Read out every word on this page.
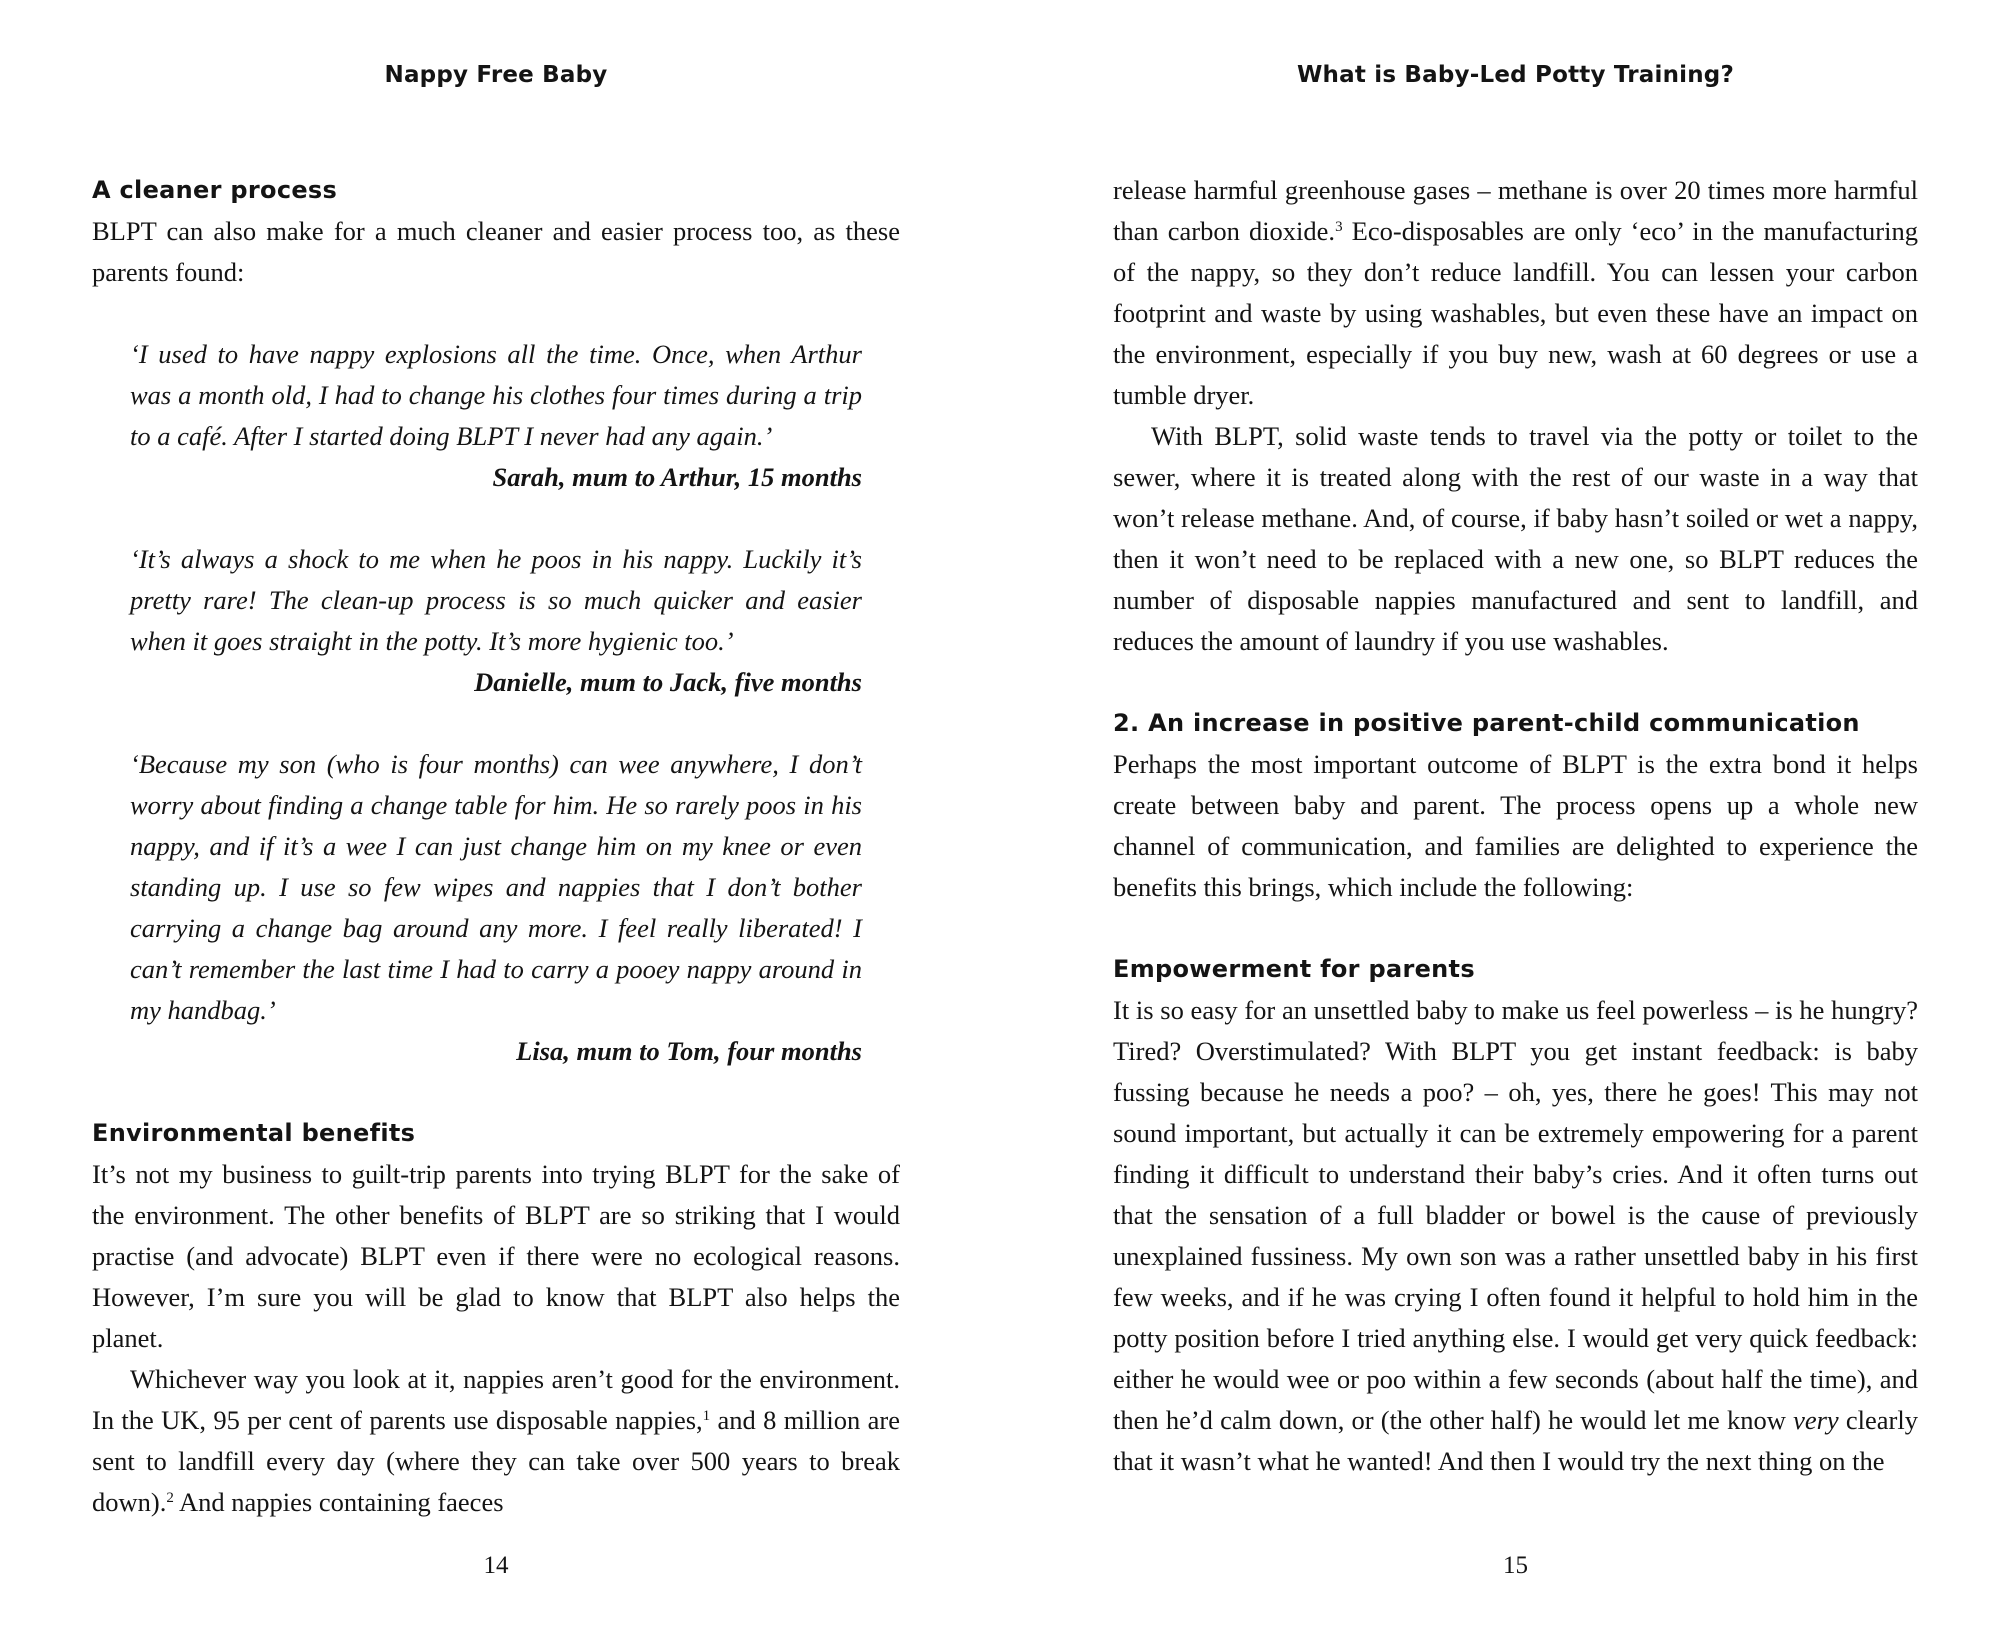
Nappy Free Baby
A cleaner process

BLPT can also make for a much cleaner and easier process too, as these parents found:

‘I used to have nappy explosions all the time. Once, when Arthur was a month old, I had to change his clothes four times during a trip to a café. After I started doing BLPT I never had any again.’

Sarah, mum to Arthur, 15 months

‘It’s always a shock to me when he poos in his nappy. Luckily it’s pretty rare! The clean-up process is so much quicker and easier when it goes straight in the potty. It’s more hygienic too.’

Danielle, mum to Jack, five months

‘Because my son (who is four months) can wee anywhere, I don’t worry about finding a change table for him. He so rarely poos in his nappy, and if it’s a wee I can just change him on my knee or even standing up. I use so few wipes and nappies that I don’t bother carrying a change bag around any more. I feel really liberated! I can’t remember the last time I had to carry a pooey nappy around in my handbag.’

Lisa, mum to Tom, four months

Environmental benefits

It’s not my business to guilt-trip parents into trying BLPT for the sake of the environment. The other benefits of BLPT are so striking that I would practise (and advocate) BLPT even if there were no ecological reasons. However, I’m sure you will be glad to know that BLPT also helps the planet.

Whichever way you look at it, nappies aren’t good for the environment. In the UK, 95 per cent of parents use disposable nappies,$^1$ and 8 million are sent to landfill every day (where they can take over 500 years to break down).$^2$ And nappies containing faeces

14
What is Baby-Led Potty Training?

release harmful greenhouse gases – methane is over 20 times more harmful than carbon dioxide.$^3$ Eco-disposables are only ‘eco’ in the manufacturing of the nappy, so they don’t reduce landfill. You can lessen your carbon footprint and waste by using washables, but even these have an impact on the environment, especially if you buy new, wash at 60 degrees or use a tumble dryer.

With BLPT, solid waste tends to travel via the potty or toilet to the sewer, where it is treated along with the rest of our waste in a way that won’t release methane. And, of course, if baby hasn’t soiled or wet a nappy, then it won’t need to be replaced with a new one, so BLPT reduces the number of disposable nappies manufactured and sent to landfill, and reduces the amount of laundry if you use washables.

2. An increase in positive parent-child communication

Perhaps the most important outcome of BLPT is the extra bond it helps create between baby and parent. The process opens up a whole new channel of communication, and families are delighted to experience the benefits this brings, which include the following:

Empowerment for parents

It is so easy for an unsettled baby to make us feel powerless – is he hungry? Tired? Overstimulated? With BLPT you get instant feedback: is baby fussing because he needs a poo? – oh, yes, there he goes! This may not sound important, but actually it can be extremely empowering for a parent finding it difficult to understand their baby’s cries. And it often turns out that the sensation of a full bladder or bowel is the cause of previously unexplained fussiness. My own son was a rather unsettled baby in his first few weeks, and if he was crying I often found it helpful to hold him in the potty position before I tried anything else. I would get very quick feedback: either he would wee or poo within a few seconds (about half the time), and then he’d calm down, or (the other half) he would let me know very clearly that it wasn’t what he wanted! And then I would try the next thing on the

15
